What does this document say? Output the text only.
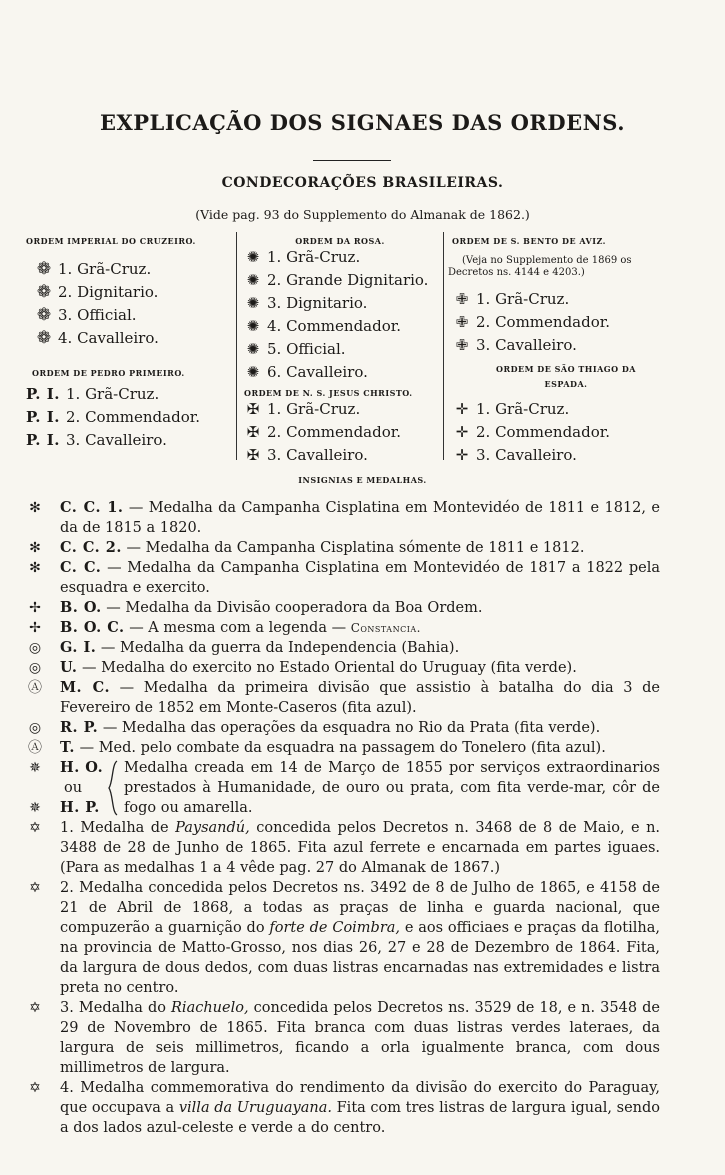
EXPLICAÇÃO DOS SIGNAES DAS ORDENS.
CONDECORAÇÕES BRASILEIRAS.
(Vide pag. 93 do Supplemento do Almanak de 1862.)
ORDEM IMPERIAL DO CRUZEIRO.
❁ 1. Grã-Cruz.
❁ 2. Dignitario.
❁ 3. Official.
❁ 4. Cavalleiro.
ORDEM DE PEDRO PRIMEIRO.
P. I. 1. Grã-Cruz.
P. I. 2. Commendador.
P. I. 3. Cavalleiro.
ORDEM DA ROSA.
✺ 1. Grã-Cruz.
✺ 2. Grande Dignitario.
✺ 3. Dignitario.
✺ 4. Commendador.
✺ 5. Official.
✺ 6. Cavalleiro.
ORDEM DE N. S. JESUS CHRISTO.
✠ 1. Grã-Cruz.
✠ 2. Commendador.
✠ 3. Cavalleiro.
ORDEM DE S. BENTO DE AVIZ.
(Veja no Supplemento de 1869 os
Decretos ns. 4144 e 4203.)
✙ 1. Grã-Cruz.
✙ 2. Commendador.
✙ 3. Cavalleiro.
ORDEM DE SÃO THIAGO DA
ESPADA.
✛ 1. Grã-Cruz.
✛ 2. Commendador.
✛ 3. Cavalleiro.
INSIGNIAS E MEDALHAS.
✻	C. C. 1. — Medalha da Campanha Cisplatina em Montevidéo de 1811 e 1812, e da de 1815 a 1820.
✻	C. C. 2. — Medalha da Campanha Cisplatina sómente de 1811 e 1812.
✻	C. C. — Medalha da Campanha Cisplatina em Montevidéo de 1817 a 1822 pela esquadra e exercito.
✢	B. O. — Medalha da Divisão cooperadora da Boa Ordem.
✢	B. O. C. — A mesma com a legenda — Constancia.
◎	G. I. — Medalha da guerra da Independencia (Bahia).
◎	U. — Medalha do exercito no Estado Oriental do Uruguay (fita verde).
Ⓐ M. C. — Medalha da primeira divisão que assistio à batalha do dia 3 de Fevereiro de 1852 em Monte-Caseros (fita azul).
◎	R. P. — Medalha das operações da esquadra no Rio da Prata (fita verde).
Ⓐ T. — Med. pelo combate da esquadra na passagem do Tonelero (fita azul).
✵	H. O.
ou
✵	H. P.
Medalha creada em 14 de Março de 1855 por serviços extraordinarios prestados à Humanidade, de ouro ou prata, com fita verde-mar, côr de fogo ou amarella.
✡	1. Medalha de Paysandú, concedida pelos Decretos n. 3468 de 8 de Maio, e n. 3488 de 28 de Junho de 1865. Fita azul ferrete e encarnada em partes iguaes. (Para as medalhas 1 a 4 vêde pag. 27 do Almanak de 1867.)
✡	2. Medalha concedida pelos Decretos ns. 3492 de 8 de Julho de 1865, e 4158 de 21 de Abril de 1868, a todas as praças de linha e guarda nacional, que compuzerão a guarnição do forte de Coimbra, e aos officiaes e praças da flotilha, na provincia de Matto-Grosso, nos dias 26, 27 e 28 de Dezembro de 1864. Fita, da largura de dous dedos, com duas listras encarnadas nas extremidades e listra preta no centro.
✡	3. Medalha do Riachuelo, concedida pelos Decretos ns. 3529 de 18, e n. 3548 de 29 de Novembro de 1865. Fita branca com duas listras verdes lateraes, da largura de seis millimetros, ficando a orla igualmente branca, com dous millimetros de largura.
✡	4. Medalha commemorativa do rendimento da divisão do exercito do Paraguay, que occupava a villa da Uruguayana. Fita com tres listras de largura igual, sendo a dos lados azul-celeste e verde a do centro.
